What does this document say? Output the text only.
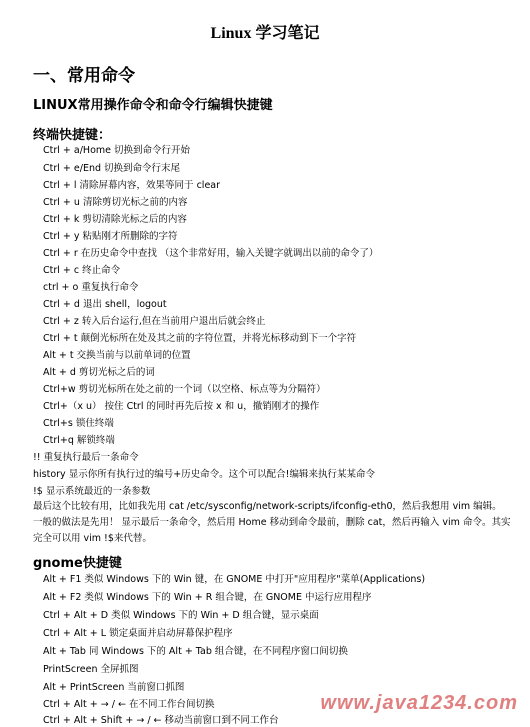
Linux 学习笔记
一、常用命令
LINUX常用操作命令和命令行编辑快捷键
终端快捷键：
Ctrl + a/Home 切换到命令行开始
Ctrl + e/End 切换到命令行末尾
Ctrl + l 清除屏幕内容，效果等同于 clear
Ctrl + u 清除剪切光标之前的内容
Ctrl + k 剪切清除光标之后的内容
Ctrl + y 粘贴刚才所删除的字符
Ctrl + r 在历史命令中查找 （这个非常好用，输入关键字就调出以前的命令了）
Ctrl + c 终止命令
ctrl + o 重复执行命令
Ctrl + d 退出 shell，logout
Ctrl + z 转入后台运行,但在当前用户退出后就会终止
Ctrl + t 颠倒光标所在处及其之前的字符位置，并将光标移动到下一个字符
Alt + t 交换当前与以前单词的位置
Alt + d 剪切光标之后的词
Ctrl+w 剪切光标所在处之前的一个词（以空格、标点等为分隔符）
Ctrl+（x u） 按住 Ctrl 的同时再先后按 x 和 u，撤销刚才的操作
Ctrl+s 锁住终端
Ctrl+q 解锁终端
!! 重复执行最后一条命令
history 显示你所有执行过的编号+历史命令。这个可以配合!编辑来执行某某命令
!$ 显示系统最近的一条参数
最后这个比较有用，比如我先用 cat /etc/sysconfig/network-scripts/ifconfig-eth0，然后我想用 vim 编辑。一般的做法是先用！ 显示最后一条命令，然后用 Home 移动到命令最前，删除 cat，然后再输入 vim 命令。其实完全可以用 vim !$来代替。
gnome快捷键
Alt + F1 类似 Windows 下的 Win 键，在 GNOME 中打开"应用程序"菜单(Applications)
Alt + F2 类似 Windows 下的 Win + R 组合键，在 GNOME 中运行应用程序
Ctrl + Alt + D 类似 Windows 下的 Win + D 组合键，显示桌面
Ctrl + Alt + L 锁定桌面并启动屏幕保护程序
Alt + Tab 同 Windows 下的 Alt + Tab 组合键，在不同程序窗口间切换
PrintScreen 全屏抓图
Alt + PrintScreen 当前窗口抓图
Ctrl + Alt + → / ← 在不同工作台间切换
Ctrl + Alt + Shift + → / ← 移动当前窗口到不同工作台
www.java1234.com
